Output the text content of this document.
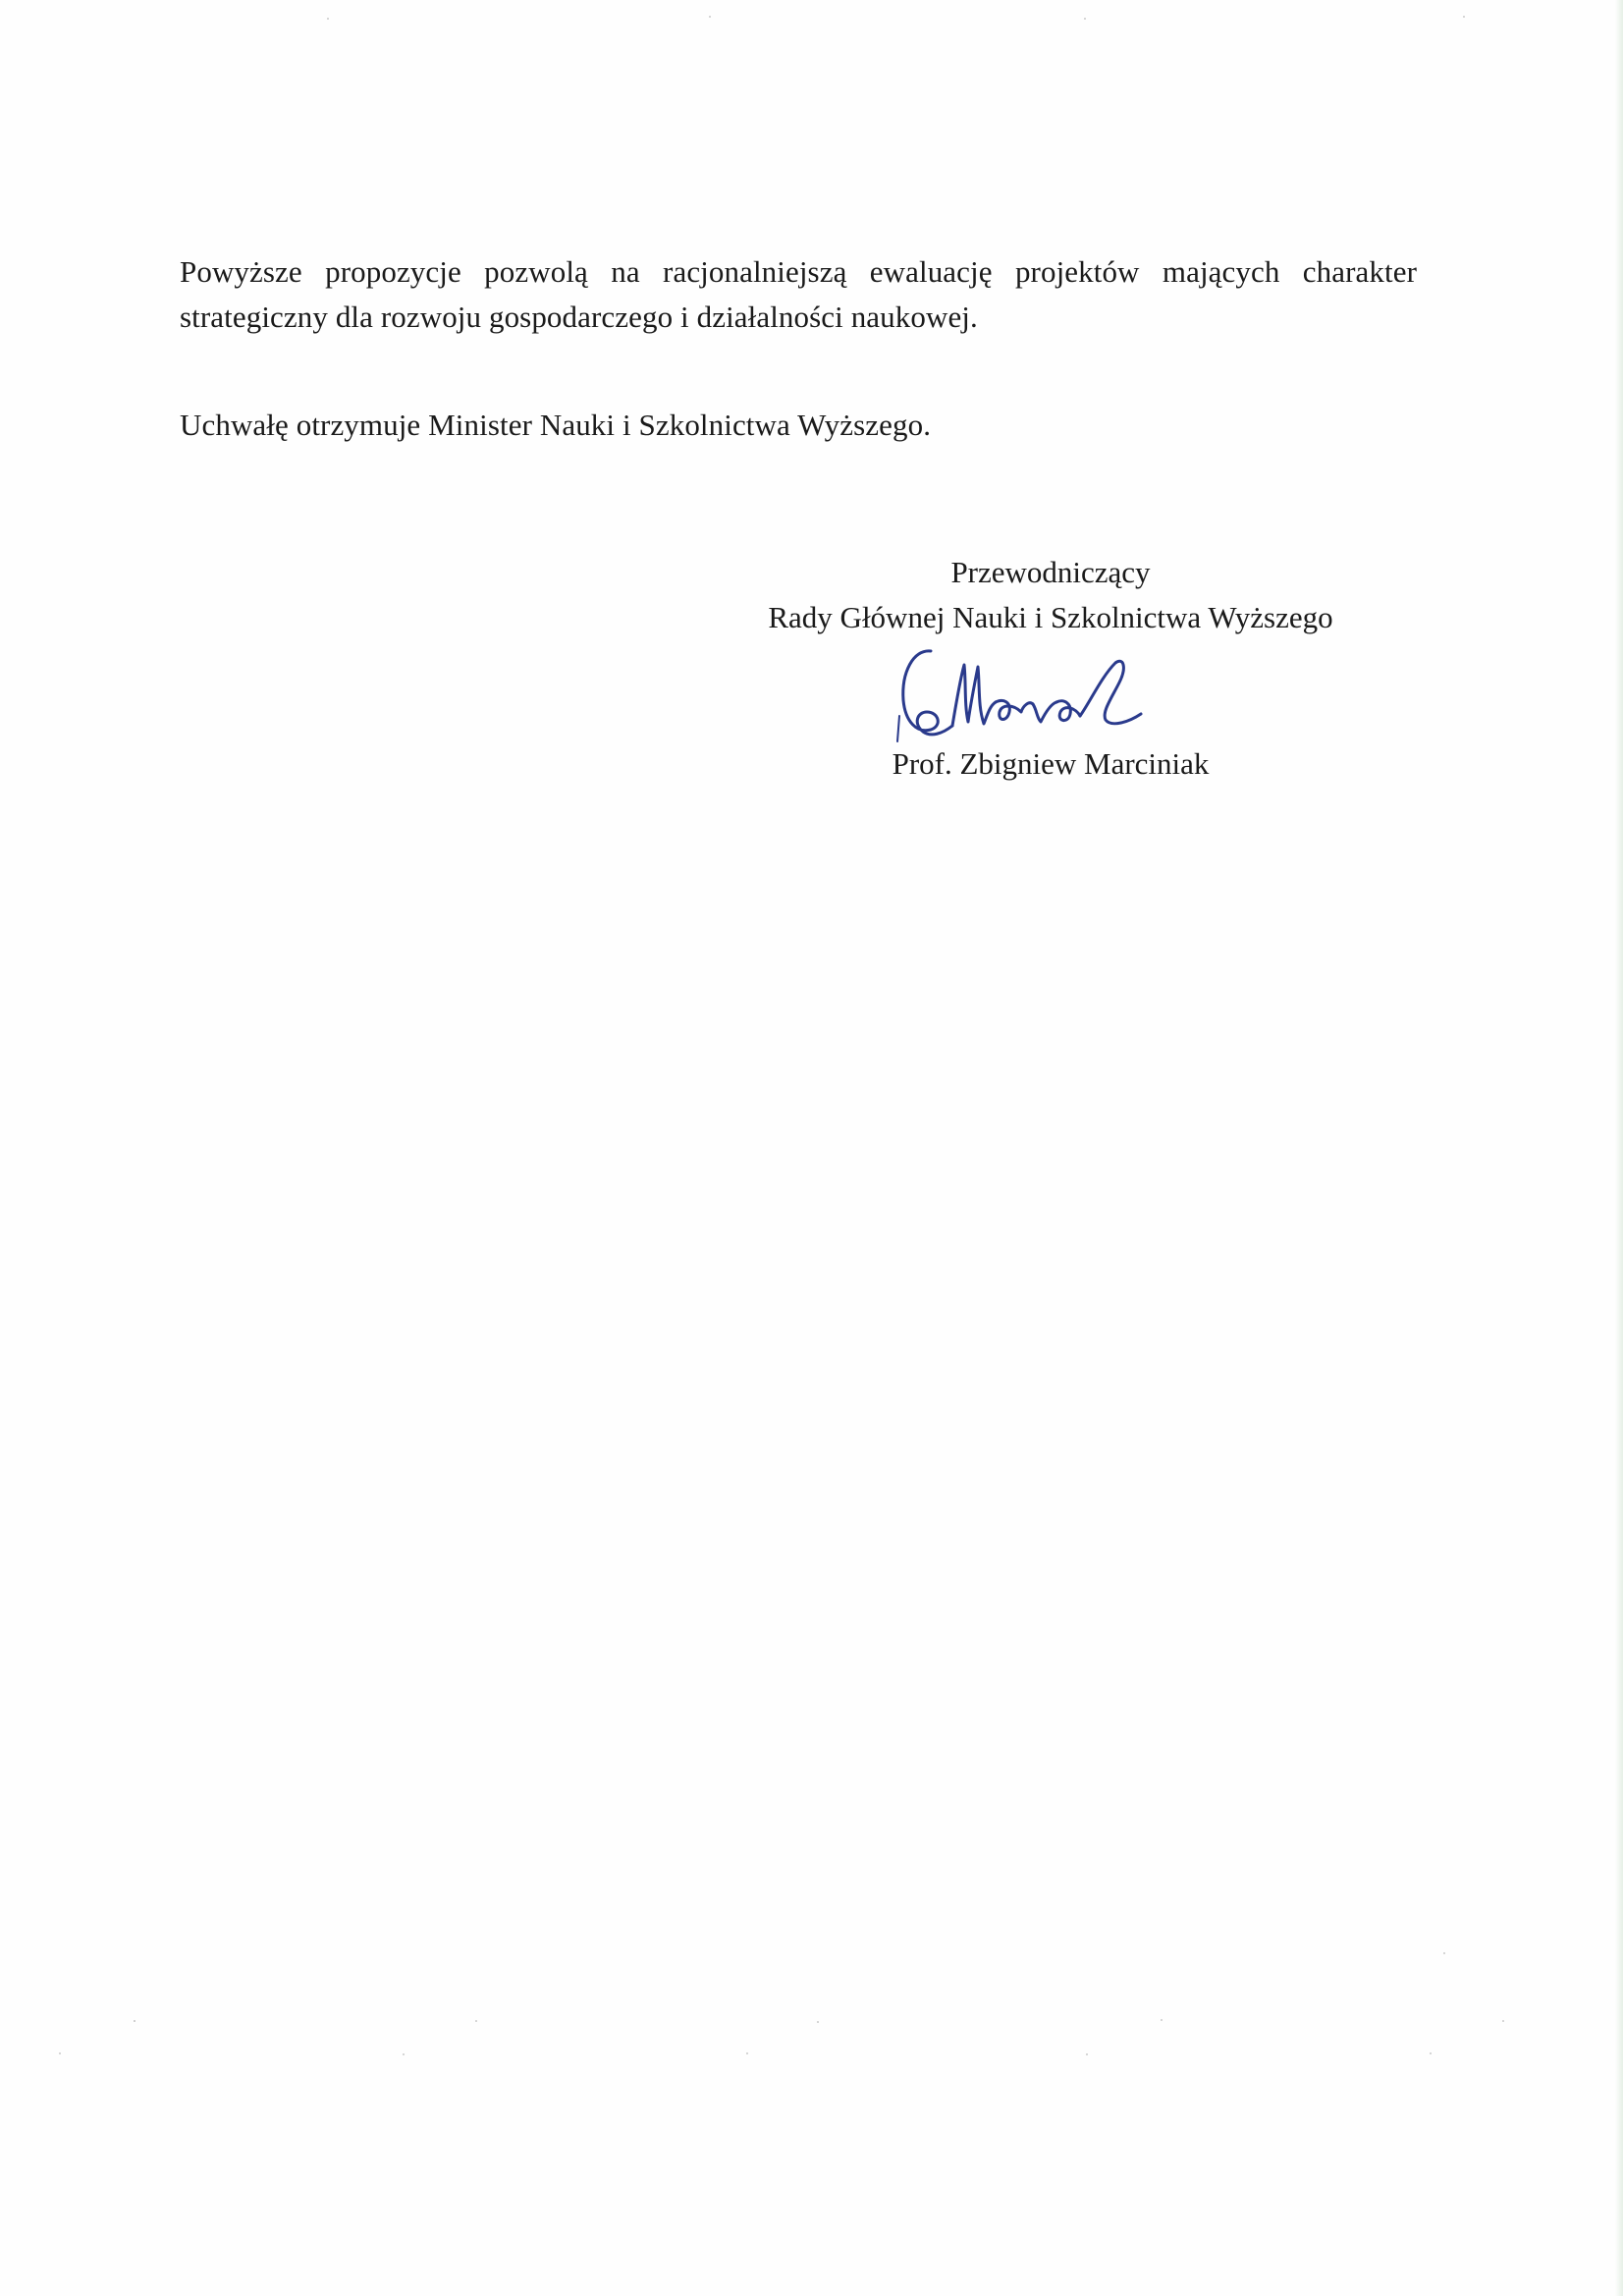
Powyższe propozycje pozwolą na racjonalniejszą ewaluację projektów mających charakter
strategiczny dla rozwoju gospodarczego i działalności naukowej.
Uchwałę otrzymuje Minister Nauki i Szkolnictwa Wyższego.
Przewodniczący
Rady Głównej Nauki i Szkolnictwa Wyższego
Prof. Zbigniew Marciniak
